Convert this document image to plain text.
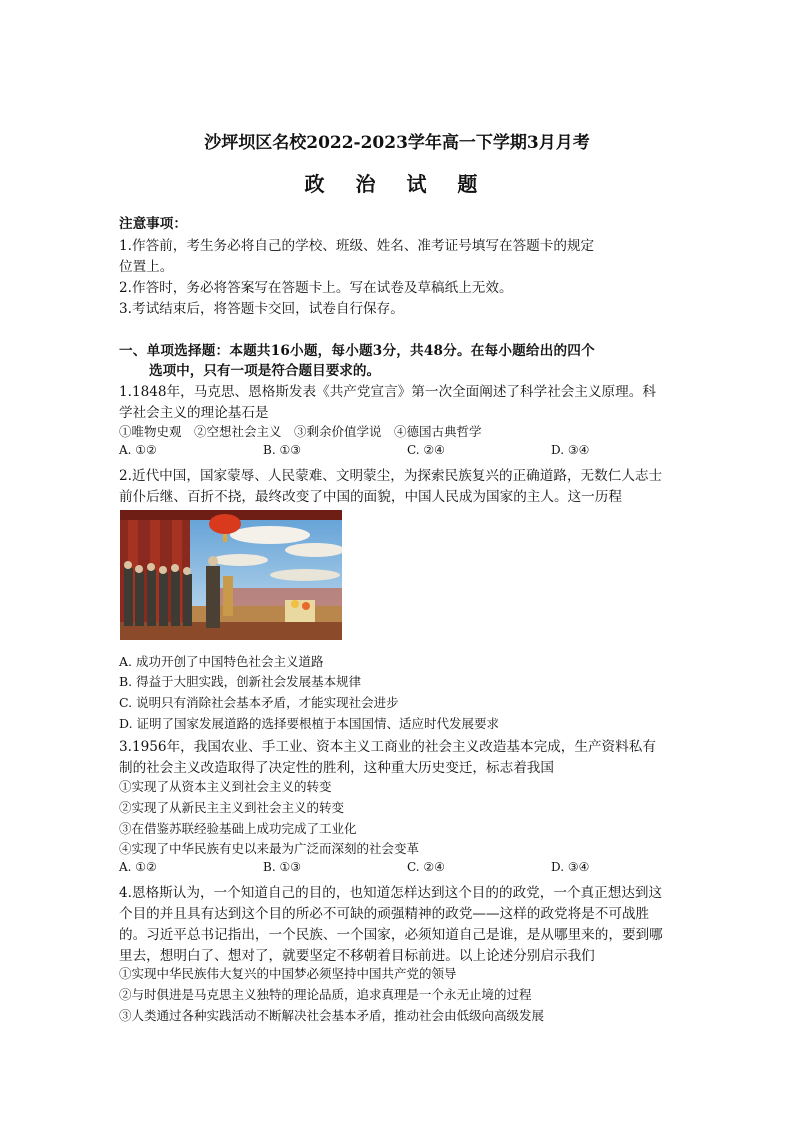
沙坪坝区名校2022-2023学年高一下学期3月月考
政 治 试 题
注意事项：
1.作答前，考生务必将自己的学校、班级、姓名、准考证号填写在答题卡的规定
位置上。
2.作答时，务必将答案写在答题卡上。写在试卷及草稿纸上无效。
3.考试结束后，将答题卡交回，试卷自行保存。
一、单项选择题：本题共16小题，每小题3分，共48分。在每小题给出的四个
选项中，只有一项是符合题目要求的。
1.1848年，马克思、恩格斯发表《共产党宣言》第一次全面阐述了科学社会主义原理。科
学社会主义的理论基石是
①唯物史观　②空想社会主义　③剩余价值学说　④德国古典哲学
A. ①②	B. ①③	C. ②④	D. ③④
2.近代中国，国家蒙辱、人民蒙难、文明蒙尘，为探索民族复兴的正确道路，无数仁人志士
前仆后继、百折不挠，最终改变了中国的面貌，中国人民成为国家的主人。这一历程
A. 成功开创了中国特色社会主义道路
B. 得益于大胆实践，创新社会发展基本规律
C. 说明只有消除社会基本矛盾，才能实现社会进步
D. 证明了国家发展道路的选择要根植于本国国情、适应时代发展要求
3.1956年，我国农业、手工业、资本主义工商业的社会主义改造基本完成，生产资料私有
制的社会主义改造取得了决定性的胜利，这种重大历史变迁，标志着我国
①实现了从资本主义到社会主义的转变
②实现了从新民主主义到社会主义的转变
③在借鉴苏联经验基础上成功完成了工业化
④实现了中华民族有史以来最为广泛而深刻的社会变革
A. ①②	B. ①③	C. ②④	D. ③④
4.恩格斯认为，一个知道自己的目的，也知道怎样达到这个目的的政党，一个真正想达到这
个目的并且具有达到这个目的所必不可缺的顽强精神的政党——这样的政党将是不可战胜
的。习近平总书记指出，一个民族、一个国家，必须知道自己是谁，是从哪里来的，要到哪
里去，想明白了、想对了，就要坚定不移朝着目标前进。以上论述分别启示我们
①实现中华民族伟大复兴的中国梦必须坚持中国共产党的领导
②与时俱进是马克思主义独特的理论品质，追求真理是一个永无止境的过程
③人类通过各种实践活动不断解决社会基本矛盾，推动社会由低级向高级发展
